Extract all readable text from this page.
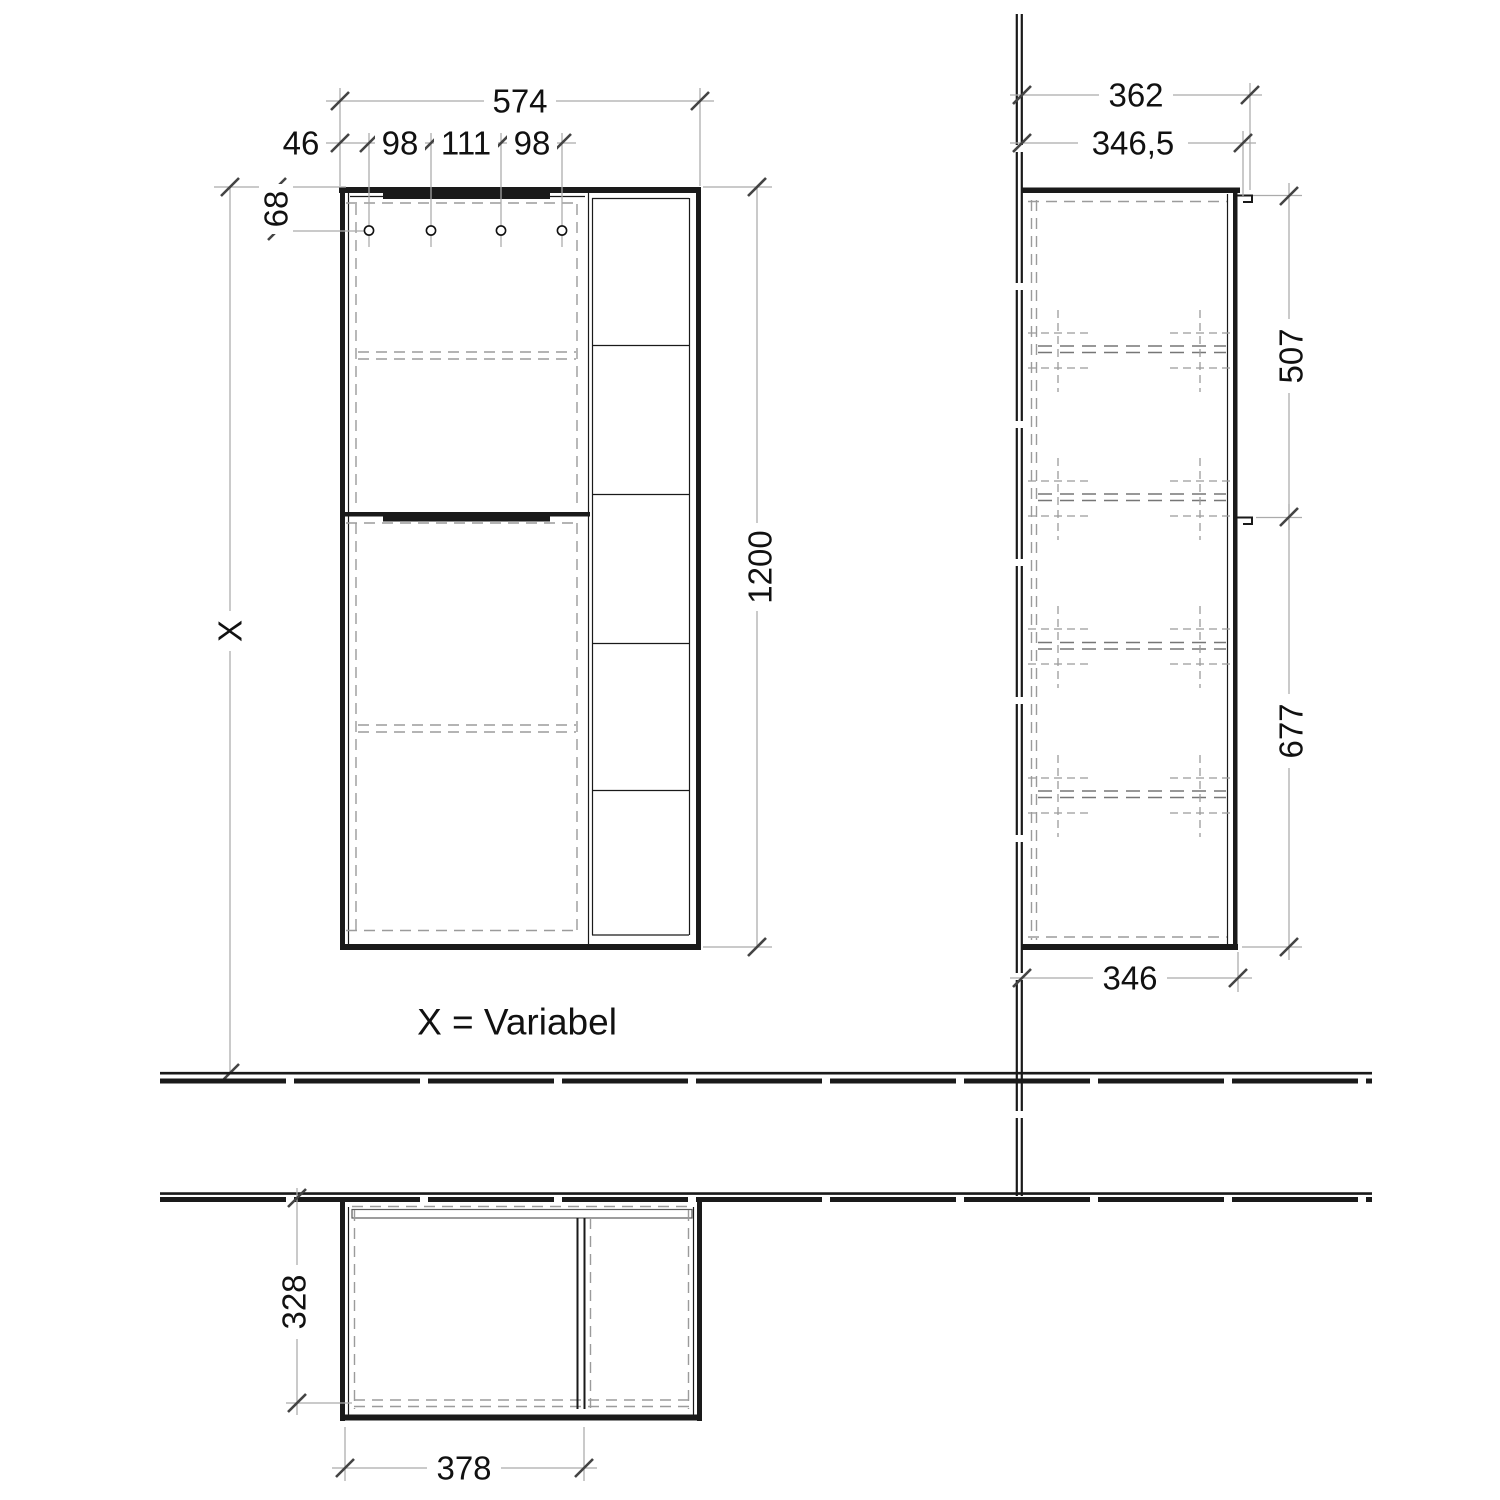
574
46 98 111 98
68
X
1200
X = Variabel
362
346,5
507
677
346
328
378
